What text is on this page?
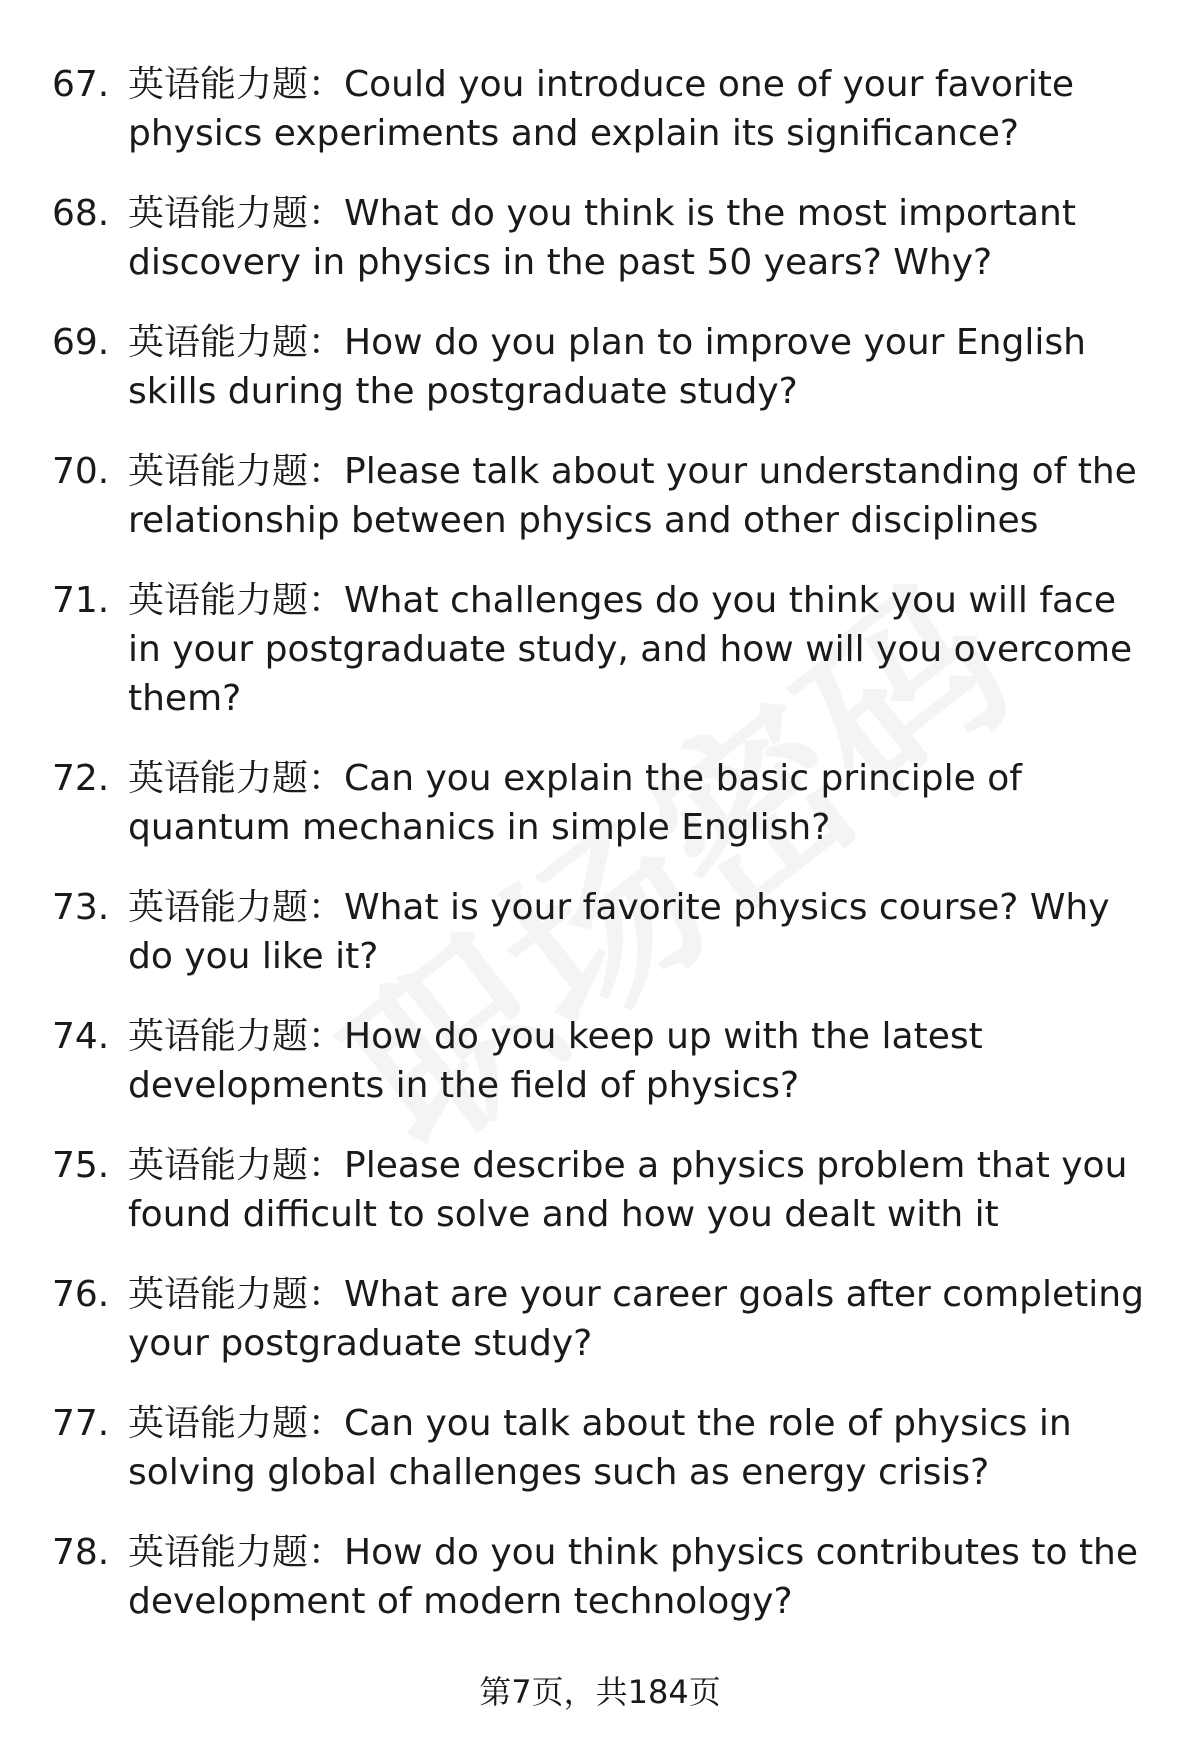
67. 英语能力题：Could you introduce one of your favorite physics experiments and explain its significance?
68. 英语能力题：What do you think is the most important discovery in physics in the past 50 years? Why?
69. 英语能力题：How do you plan to improve your English skills during the postgraduate study?
70. 英语能力题：Please talk about your understanding of the relationship between physics and other disciplines
71. 英语能力题：What challenges do you think you will face in your postgraduate study, and how will you overcome them?
72. 英语能力题：Can you explain the basic principle of quantum mechanics in simple English?
73. 英语能力题：What is your favorite physics course? Why do you like it?
74. 英语能力题：How do you keep up with the latest developments in the field of physics?
75. 英语能力题：Please describe a physics problem that you found difficult to solve and how you dealt with it
76. 英语能力题：What are your career goals after completing your postgraduate study?
77. 英语能力题：Can you talk about the role of physics in solving global challenges such as energy crisis?
78. 英语能力题：How do you think physics contributes to the development of modern technology?
第7页，共184页
